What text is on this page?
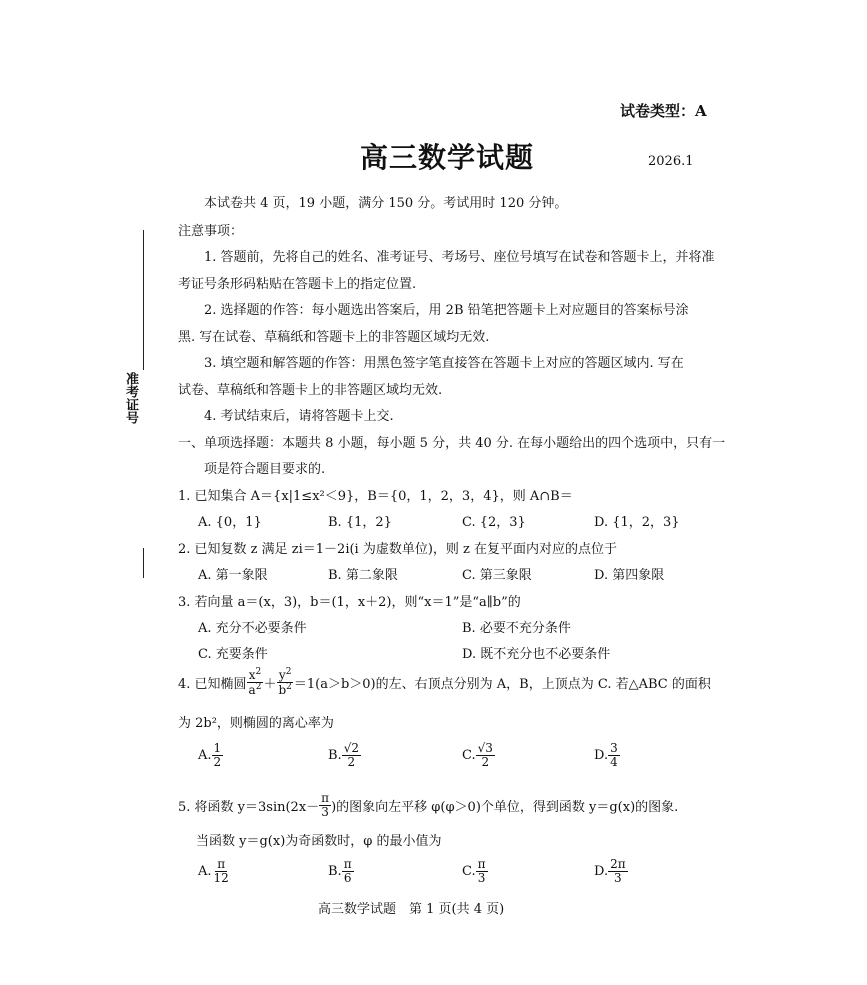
试卷类型：A
高三数学试题	2026.1
准考证号
本试卷共 4 页，19 小题，满分 150 分。考试用时 120 分钟。
注意事项：
1. 答题前，先将自己的姓名、准考证号、考场号、座位号填写在试卷和答题卡上，并将准
考证号条形码粘贴在答题卡上的指定位置.
2. 选择题的作答：每小题选出答案后，用 2B 铅笔把答题卡上对应题目的答案标号涂
黑. 写在试卷、草稿纸和答题卡上的非答题区域均无效.
3. 填空题和解答题的作答：用黑色签字笔直接答在答题卡上对应的答题区域内. 写在
试卷、草稿纸和答题卡上的非答题区域均无效.
4. 考试结束后，请将答题卡上交.
一、单项选择题：本题共 8 小题，每小题 5 分，共 40 分. 在每小题给出的四个选项中，只有一
项是符合题目要求的.
1. 已知集合 A＝{x|1≤x²＜9}，B＝{0，1，2，3，4}，则 A∩B＝
A. {0，1}	B. {1，2}	C. {2，3}	D. {1，2，3}
2. 已知复数 z 满足 zi＝1－2i(i 为虚数单位)，则 z 在复平面内对应的点位于
A. 第一象限	B. 第二象限	C. 第三象限	D. 第四象限
3. 若向量 a＝(x，3)，b＝(1，x＋2)，则“x＝1”是“a∥b”的
A. 充分不必要条件	B. 必要不充分条件
C. 充要条件	D. 既不充分也不必要条件
4. 已知椭圆 $\frac{x^2}{a^2} + \frac{y^2}{b^2} =1(a>b>0)$的左、右顶点分别为 A，B，上顶点为 C. 若△ABC 的面积
为 2b²，则椭圆的离心率为
A. $\frac{1}{2}$	B. $\frac{√2}{2}$	C. $\frac{√3}{2}$	D. $\frac{3}{4}$
5. 将函数 $y=3\sin(2x- \frac{\pi}{3}$ )的图象向左平移 φ(φ＞0)个单位，得到函数 y＝g(x)的图象.
当函数 y＝g(x)为奇函数时，φ 的最小值为
A. $\frac{\pi}{12}$	B. $\frac{\pi}{6}$	C. $\frac{\pi}{3}$	D. $\frac{2\pi}{3}$
高三数学试题　第 1 页(共 4 页)
